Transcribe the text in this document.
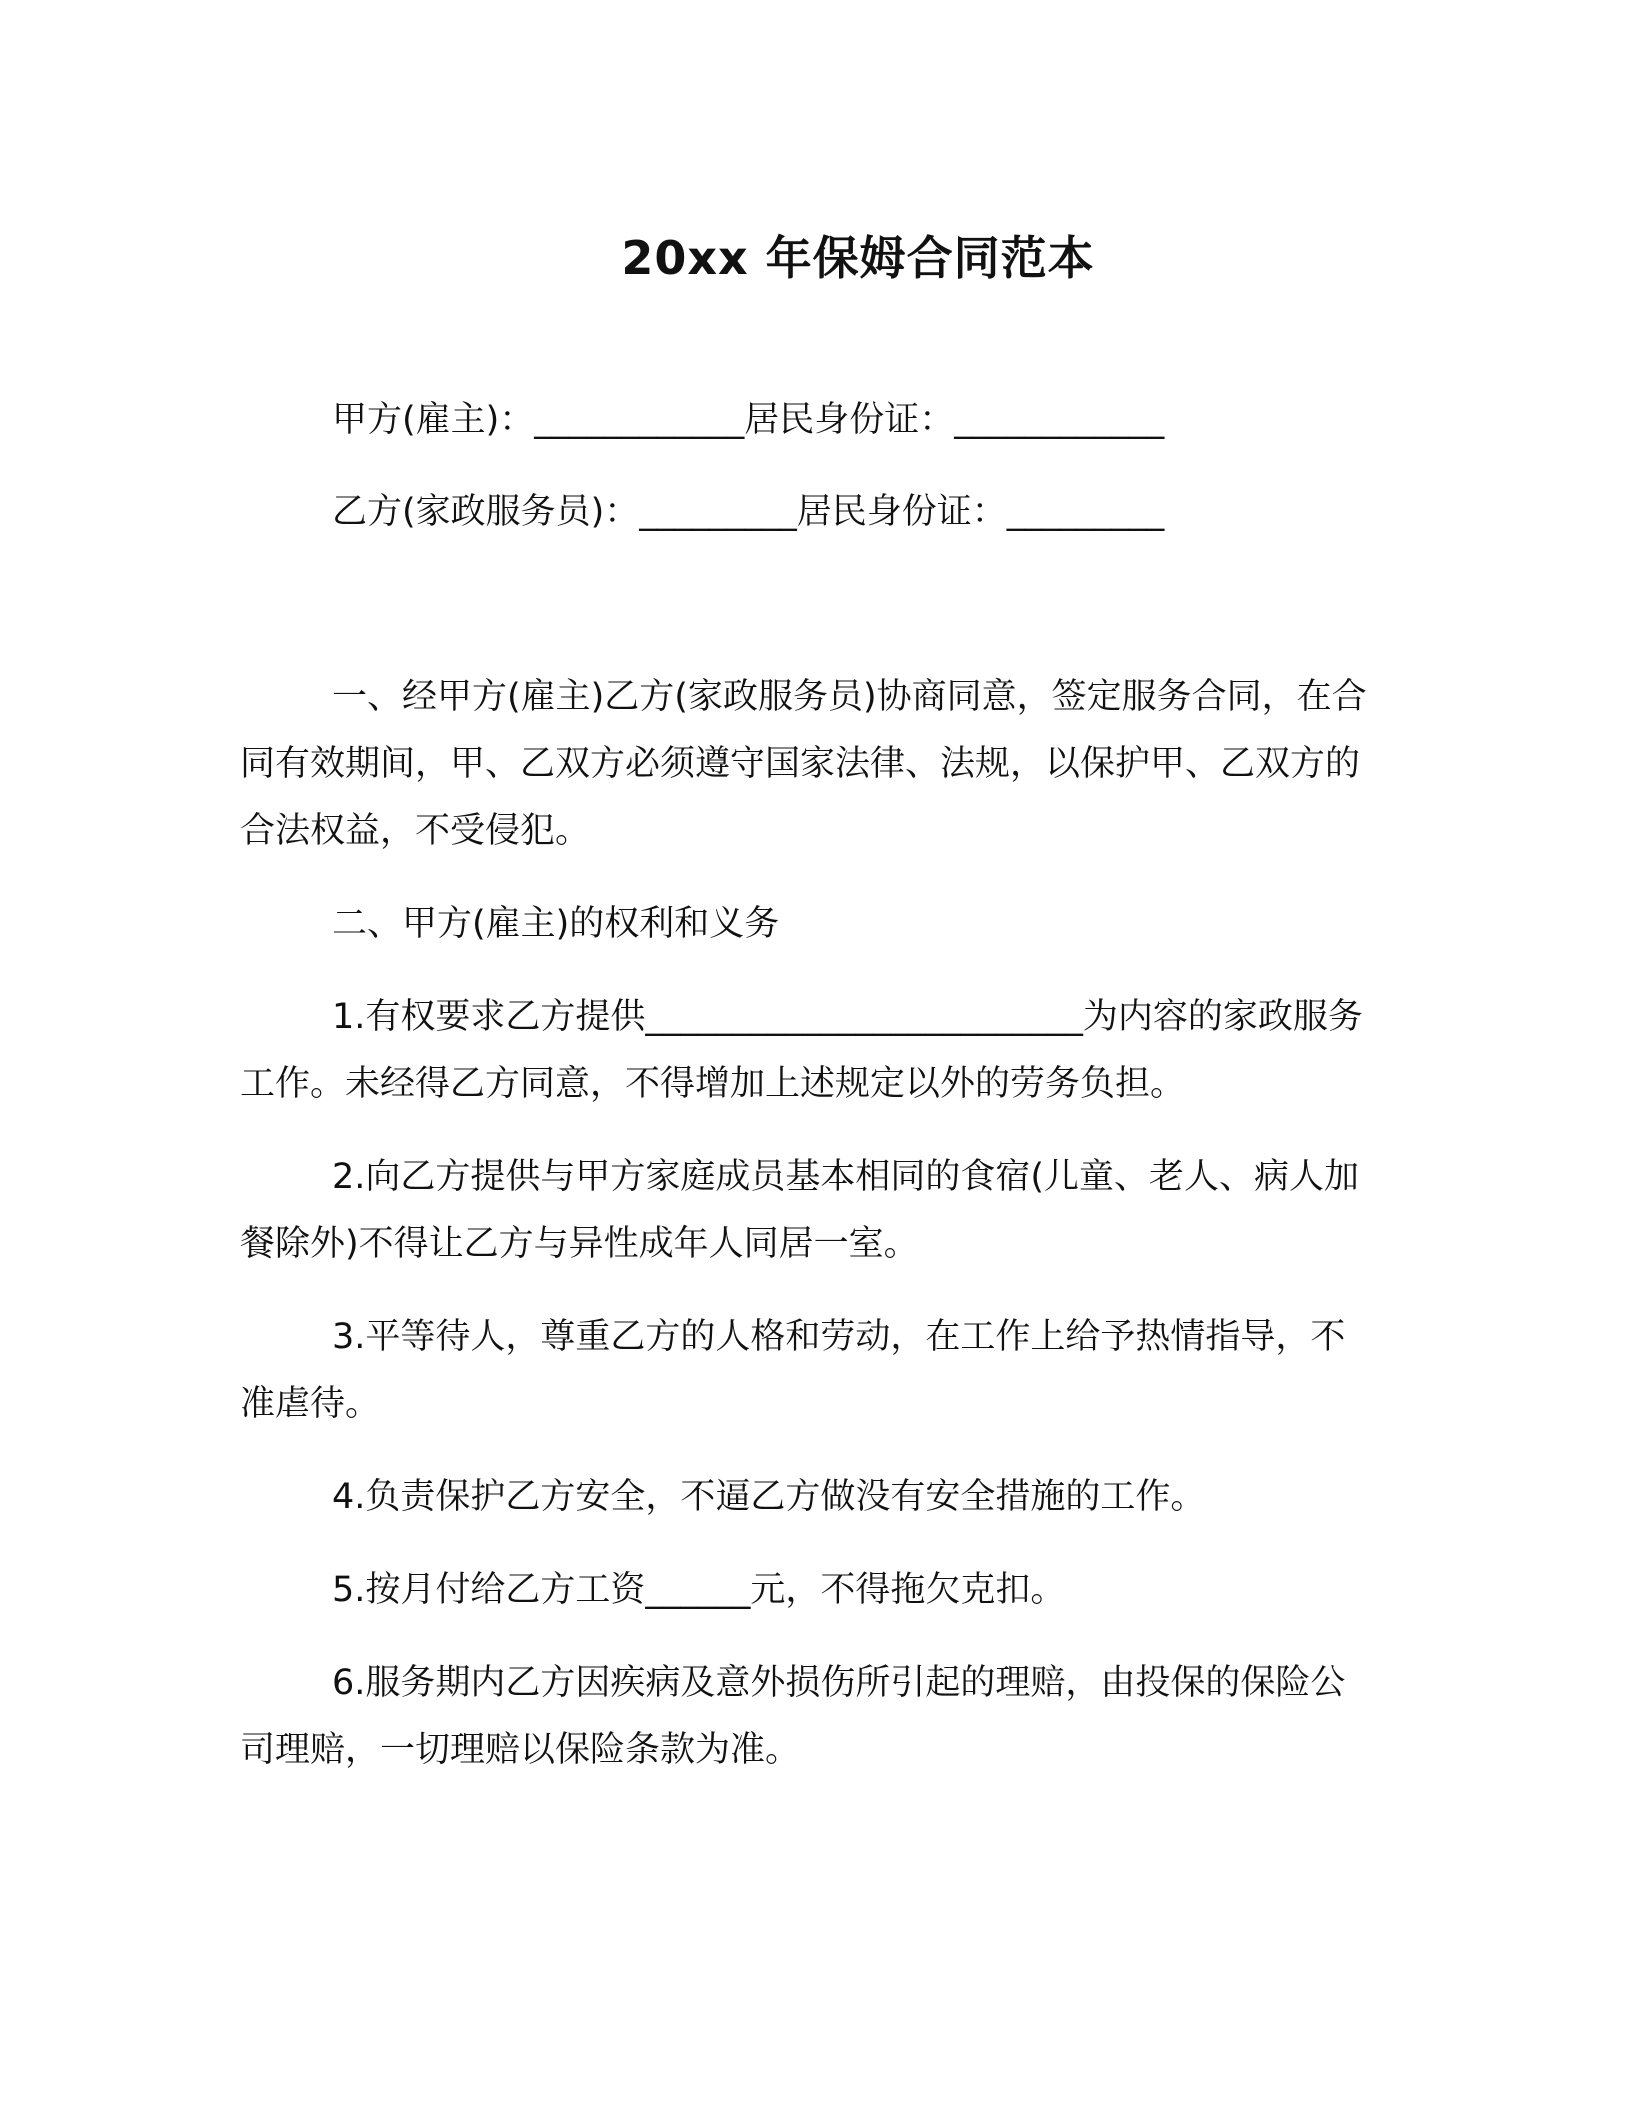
20xx 年保姆合同范本
甲方(雇主)：____________居民身份证：____________
乙方(家政服务员)：_________居民身份证：_________

一、经甲方(雇主)乙方(家政服务员)协商同意，签定服务合同，在合同有效期间，甲、乙双方必须遵守国家法律、法规，以保护甲、乙双方的合法权益，不受侵犯。

二、甲方(雇主)的权利和义务

1.有权要求乙方提供_________________________为内容的家政服务工作。未经得乙方同意，不得增加上述规定以外的劳务负担。

2.向乙方提供与甲方家庭成员基本相同的食宿(儿童、老人、病人加餐除外)不得让乙方与异性成年人同居一室。

3.平等待人，尊重乙方的人格和劳动，在工作上给予热情指导，不准虐待。

4.负责保护乙方安全，不逼乙方做没有安全措施的工作。

5.按月付给乙方工资______元，不得拖欠克扣。

6.服务期内乙方因疾病及意外损伤所引起的理赔，由投保的保险公司理赔，一切理赔以保险条款为准。
